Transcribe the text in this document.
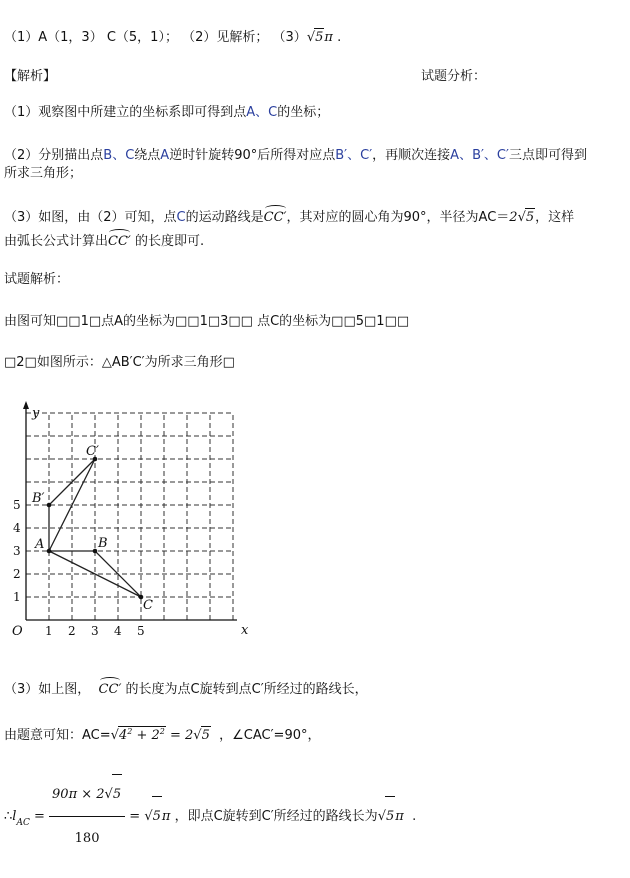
（1）A（1，3） C（5，1）； （2）见解析； （3）√5π .
【解析】	试题分析：
（1）观察图中所建立的坐标系即可得到点A、C的坐标；
（2）分别描出点B、C绕点A逆时针旋转90°后所得对应点B′、C′，再顺次连接A、B′、C′三点即可得到
所求三角形；
（3）如图，由（2）可知，点C的运动路线是CC′，其对应的圆心角为90°，半径为AC＝2√5，这样
由弧长公式计算出CC′ 的长度即可.
试题解析：
由图可知□□1□点A的坐标为□□1□3□□ 点C的坐标为□□5□1□□
□2□如图所示：△AB′C′为所求三角形□
y
x
O 1 2 3 4 5
1
2
3
4
5
A	B
C
B′
C′
（3）如上图， CC′ 的长度为点C旋转到点C′所经过的路线长，
由题意可知：$AC=√4^2 + 2^2 = 2√5$ ，∠CAC′=90°，
$\therefore l_{AC} = \frac{90\pi \times 2√5}{180} = √5\pi$ ，即点C旋转到C′所经过的路线长为√5π .
